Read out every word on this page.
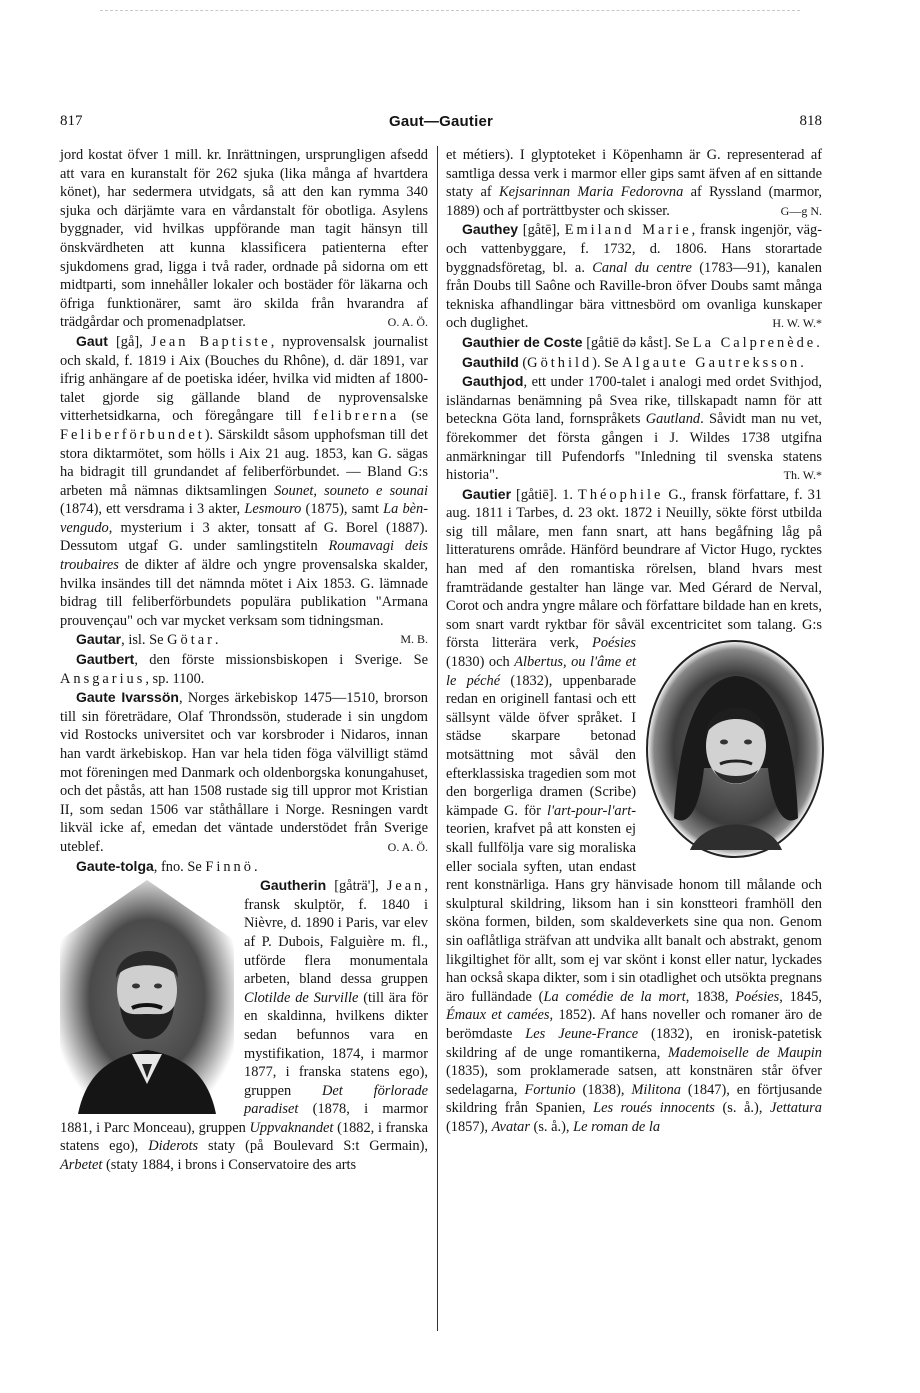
817	Gaut—Gautier	818

jord kostat öfver 1 mill. kr. Inrättningen, ursprungligen afsedd att vara en kuranstalt för 262 sjuka (lika många af hvartdera könet), har sedermera utvidgats, så att den kan rymma 340 sjuka och därjämte vara en vårdanstalt för obotliga. Asylens byggnader, vid hvilkas uppförande man tagit hänsyn till önskvärdheten att kunna klassificera patienterna efter sjukdomens grad, ligga i två rader, ordnade på sidorna om ett midtparti, som innehåller lokaler och bostäder för läkarna och öfriga funktionärer, samt äro skilda från hvarandra af trädgårdar och promenadplatser.	O. A. Ö.

Gaut [gå], Jean Baptiste, nyprovensalsk journalist och skald, f. 1819 i Aix (Bouches du Rhône), d. där 1891, var ifrig anhängare af de poetiska idéer, hvilka vid midten af 1800-talet gjorde sig gällande bland de nyprovensalske vitterhetsidkarna, och föregångare till felibrerna (se Feliberförbundet). Särskildt såsom upphofsman till det stora diktarmötet, som hölls i Aix 21 aug. 1853, kan G. sägas ha bidragit till grundandet af feliberförbundet. — Bland G:s arbeten må nämnas diktsamlingen Sounet, souneto e sounai (1874), ett versdrama i 3 akter, Lesmouro (1875), samt La bèn-vengudo, mysterium i 3 akter, tonsatt af G. Borel (1887). Dessutom utgaf G. under samlingstiteln Roumavagi deis troubaires de dikter af äldre och yngre provensalska skalder, hvilka insändes till det nämnda mötet i Aix 1853. G. lämnade bidrag till feliberförbundets populära publikation "Armana prouvençau" och var mycket verksam som tidningsman.
M. B.

Gautar, isl. Se Götar.

Gautbert, den förste missionsbiskopen i Sverige. Se Ansgarius, sp. 1100.

Gaute Ivarssön, Norges ärkebiskop 1475—1510, brorson till sin företrädare, Olaf Throndssön, studerade i sin ungdom vid Rostocks universitet och var korsbroder i Nidaros, innan han vardt ärkebiskop. Han var hela tiden föga välvilligt stämd mot föreningen med Danmark och oldenborgska konungahuset, och det påstås, att han 1508 rustade sig till uppror mot Kristian II, som sedan 1506 var ståthållare i Norge. Resningen vardt likväl icke af, emedan det väntade understödet från Sverige uteblef.	O. A. Ö.

Gaute-tolga, fno. Se Finnö.

Gautherin [gåträ'], Jean
, fransk skulptör, f. 1840 i Nièvre, d. 1890 i Paris, var elev af P. Dubois, Falguière m. fl., utförde flera monumentala arbeten, bland dessa gruppen Clotilde de Surville (till ära för en skaldinna, hvilkens dikter sedan befunnos vara en mystifikation, 1874, i marmor 1877, i franska statens ego), gruppen Det förlorade paradiset (1878, i marmor 1881, i Parc Monceau), gruppen Uppvaknandet (1882, i franska statens ego), Diderots staty (på Boulevard S:t Germain), Arbetet (staty 1884, i brons i Conservatoire des arts

et métiers). I glyptoteket i Köpenhamn är G. representerad af samtliga dessa verk i marmor eller gips samt äfven af en sittande staty af Kejsarinnan Maria Fedorovna af Ryssland (marmor, 1889) och af porträttbyster och skisser.	G—g N.

Gauthey [gåtē], Emiland Marie, fransk ingenjör, väg- och vattenbyggare, f. 1732, d. 1806. Hans storartade byggnadsföretag, bl. a. Canal du centre (1783—91), kanalen från Doubs till Saône och Raville-bron öfver Doubs samt många tekniska afhandlingar bära vittnesbörd om ovanliga kunskaper och duglighet.	H. W. W.*

Gauthier de Coste [gåtiē də kåst]. Se La Calprenède.

Gauthild (Göthild). Se Algaute Gautreksson.

Gauthjod, ett under 1700-talet i analogi med ordet Svithjod, isländarnas benämning på Svea rike, tillskapadt namn för att beteckna Göta land, fornspråkets Gautland. Såvidt man nu vet, förekommer det första gången i J. Wildes 1738 utgifna anmärkningar till Pufendorfs "Inledning til svenska statens historia".	Th. W.*

Gautier [gåtiē]. 1. Théophile G., fransk författare, f. 31 aug. 1811 i Tarbes, d. 23 okt. 1872 i Neuilly, sökte först utbilda sig till målare, men fann snart, att hans begåfning låg på litteraturens område. Hänförd beundrare af Victor Hugo, rycktes han med af den romantiska rörelsen, bland hvars mest framträdande gestalter han länge var. Med Gérard de Nerval, Corot och andra yngre målare och författare bildade han en krets, som snart vardt ryktbar för såväl excentricitet som talang. G:s första litterära verk,
Poésies (1830) och Albertus, ou l'âme et le péché (1832), uppenbarade redan en originell fantasi och ett sällsynt välde öfver språket. I städse skarpare betonad motsättning mot såväl den efterklassiska tragedien som mot den borgerliga dramen (Scribe) kämpade G. för l'art-pour-l'art-teorien, krafvet på att konsten ej skall fullfölja vare sig moraliska eller sociala syften, utan endast rent konstnärliga. Hans gry hänvisade honom till målande och skulptural skildring, liksom han i sin konstteori framhöll den sköna formen, bilden, som skaldeverkets sine qua non. Genom sin oaflåtliga sträfvan att undvika allt banalt och abstrakt, genom likgiltighet för allt, som ej var skönt i konst eller natur, lyckades han också skapa dikter, som i sin otadlighet och utsökta pregnans äro fulländade (La comédie de la mort, 1838, Poésies, 1845, Émaux et camées, 1852). Af hans noveller och romaner äro de berömdaste Les Jeune-France (1832), en ironisk-patetisk skildring af de unge romantikerna, Mademoiselle de Maupin (1835), som proklamerade satsen, att konstnären står öfver sedelagarna, Fortunio (1838), Militona (1847), en förtjusande skildring från Spanien, Les roués innocents (s. å.), Jettatura (1857), Avatar (s. å.), Le roman de la
